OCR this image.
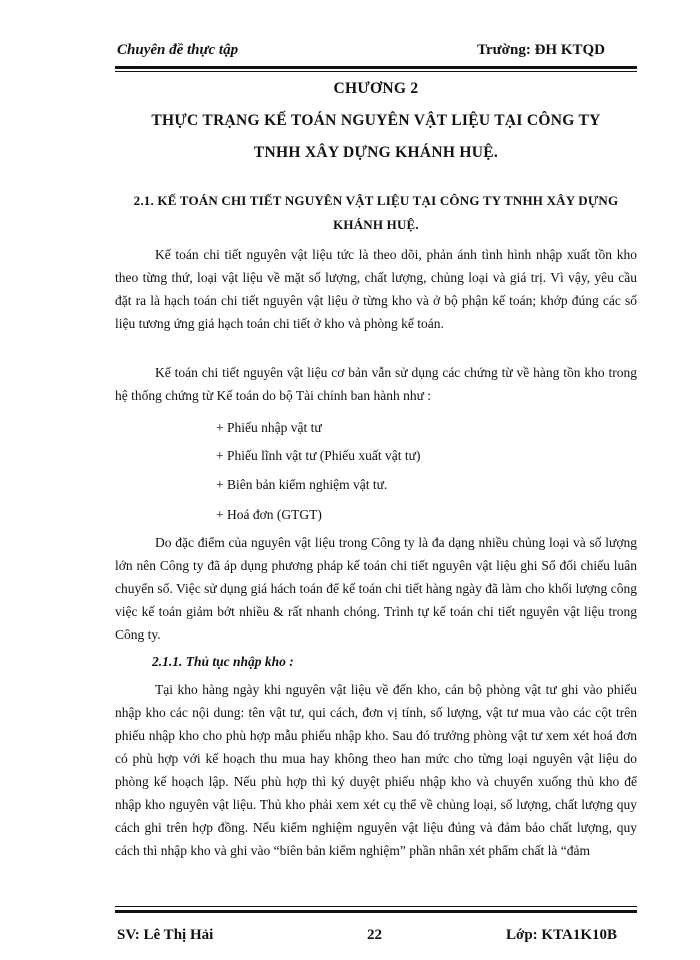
Chuyên đề thực tập	Trường: ĐH KTQD
CHƯƠNG 2
THỰC TRẠNG KẾ TOÁN NGUYÊN VẬT LIỆU TẠI CÔNG TY
TNHH XÂY DỰNG KHÁNH HUỆ.
2.1. KẾ TOÁN CHI TIẾT NGUYÊN VẬT LIỆU TẠI CÔNG TY TNHH XÂY DỰNG
KHÁNH HUỆ.

Kế toán chi tiết nguyên vật liệu tức là theo dõi, phản ánh tình hình nhập xuất tồn kho theo từng thứ, loại vật liệu về mặt số lượng, chất lượng, chủng loại và giá trị. Vì vậy, yêu cầu đặt ra là hạch toán chi tiết nguyên vật liệu ở từng kho và ở bộ phận kế toán; khớp đúng các số liệu tương ứng giá hạch toán chi tiết ở kho và phòng kế toán.

Kế toán chi tiết nguyên vật liệu cơ bản vẫn sử dụng các chứng từ về hàng tồn kho trong hệ thống chứng từ Kế toán do bộ Tài chính ban hành như :

+ Phiếu nhập vật tư
+ Phiếu lĩnh vật tư (Phiếu xuất vật tư)
+ Biên bản kiểm nghiệm vật tư.
+ Hoá đơn (GTGT)

Do đặc điểm của nguyên vật liệu trong Công ty là đa dạng nhiều chủng loại và số lượng lớn nên Công ty đã áp dụng phương pháp kế toán chi tiết nguyên vật liệu ghi Sổ đối chiếu luân chuyển sổ. Việc sử dụng giá hách toán để kế toán chi tiết hàng ngày đã làm cho khối lượng công việc kế toán giảm bớt nhiều & rất nhanh chóng. Trình tự kế toán chi tiết nguyên vật liệu trong Công ty.

2.1.1. Thủ tục nhập kho :

Tại kho hàng ngày khi nguyên vật liệu về đến kho, cán bộ phòng vật tư ghi vào phiếu nhập kho các nội dung: tên vật tư, qui cách, đơn vị tính, số lượng, vật tư mua vào các cột trên phiếu nhập kho cho phù hợp mẫu phiếu nhập kho. Sau đó trưởng phòng vật tư xem xét hoá đơn có phù hợp với kế hoạch thu mua hay không theo han mức cho từng loại nguyên vật liệu do phòng kế hoạch lập. Nếu phù hợp thì ký duyệt phiếu nhập kho và chuyển xuống thủ kho để nhập kho nguyên vật liệu. Thủ kho phải xem xét cụ thể về chủng loại, số lượng, chất lượng quy cách ghi trên hợp đồng. Nếu kiểm nghiệm nguyên vật liệu đúng và đảm bảo chất lượng, quy cách thì nhập kho và ghi vào “biên bản kiểm nghiệm” phần nhân xét phẩm chất là “đảm

SV: Lê Thị Hải	22	Lớp: KTA1K10B
